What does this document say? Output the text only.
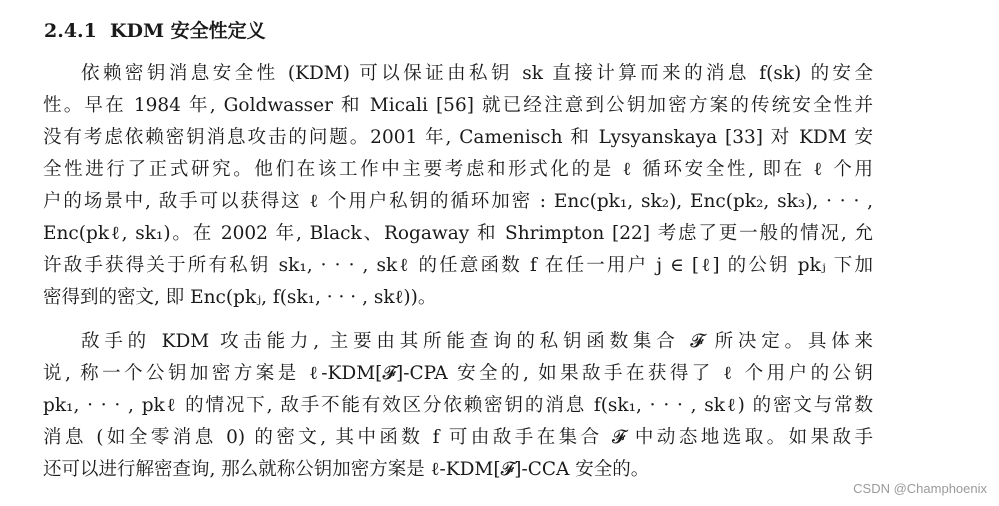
2.4.1 KDM 安全性定义
依赖密钥消息安全性 (KDM) 可以保证由私钥 sk 直接计算而来的消息 f(sk) 的安全
性。早在 1984 年, Goldwasser 和 Micali [56] 就已经注意到公钥加密方案的传统安全性并
没有考虑依赖密钥消息攻击的问题。2001 年, Camenisch 和 Lysyanskaya [33] 对 KDM 安
全性进行了正式研究。他们在该工作中主要考虑和形式化的是 ℓ 循环安全性, 即在 ℓ 个用
户的场景中, 敌手可以获得这 ℓ 个用户私钥的循环加密 : Enc(pk₁, sk₂), Enc(pk₂, sk₃), · · · ,
Enc(pkℓ, sk₁)。在 2002 年, Black、Rogaway 和 Shrimpton [22] 考虑了更一般的情况, 允
许敌手获得关于所有私钥 sk₁, · · · , skℓ 的任意函数 f 在任一用户 j ∈ [ℓ] 的公钥 pkⱼ 下加
密得到的密文, 即 Enc(pkⱼ, f(sk₁, · · · , skℓ))。
敌手的 KDM 攻击能力, 主要由其所能查询的私钥函数集合 𝓕 所决定。具体来
说, 称一个公钥加密方案是 ℓ-KDM[𝓕]-CPA 安全的, 如果敌手在获得了 ℓ 个用户的公钥
pk₁, · · · , pkℓ 的情况下, 敌手不能有效区分依赖密钥的消息 f(sk₁, · · · , skℓ) 的密文与常数
消息 (如全零消息 0) 的密文, 其中函数 f 可由敌手在集合 𝓕 中动态地选取。如果敌手
还可以进行解密查询, 那么就称公钥加密方案是 ℓ-KDM[𝓕]-CCA 安全的。
CSDN @Champhoenix
